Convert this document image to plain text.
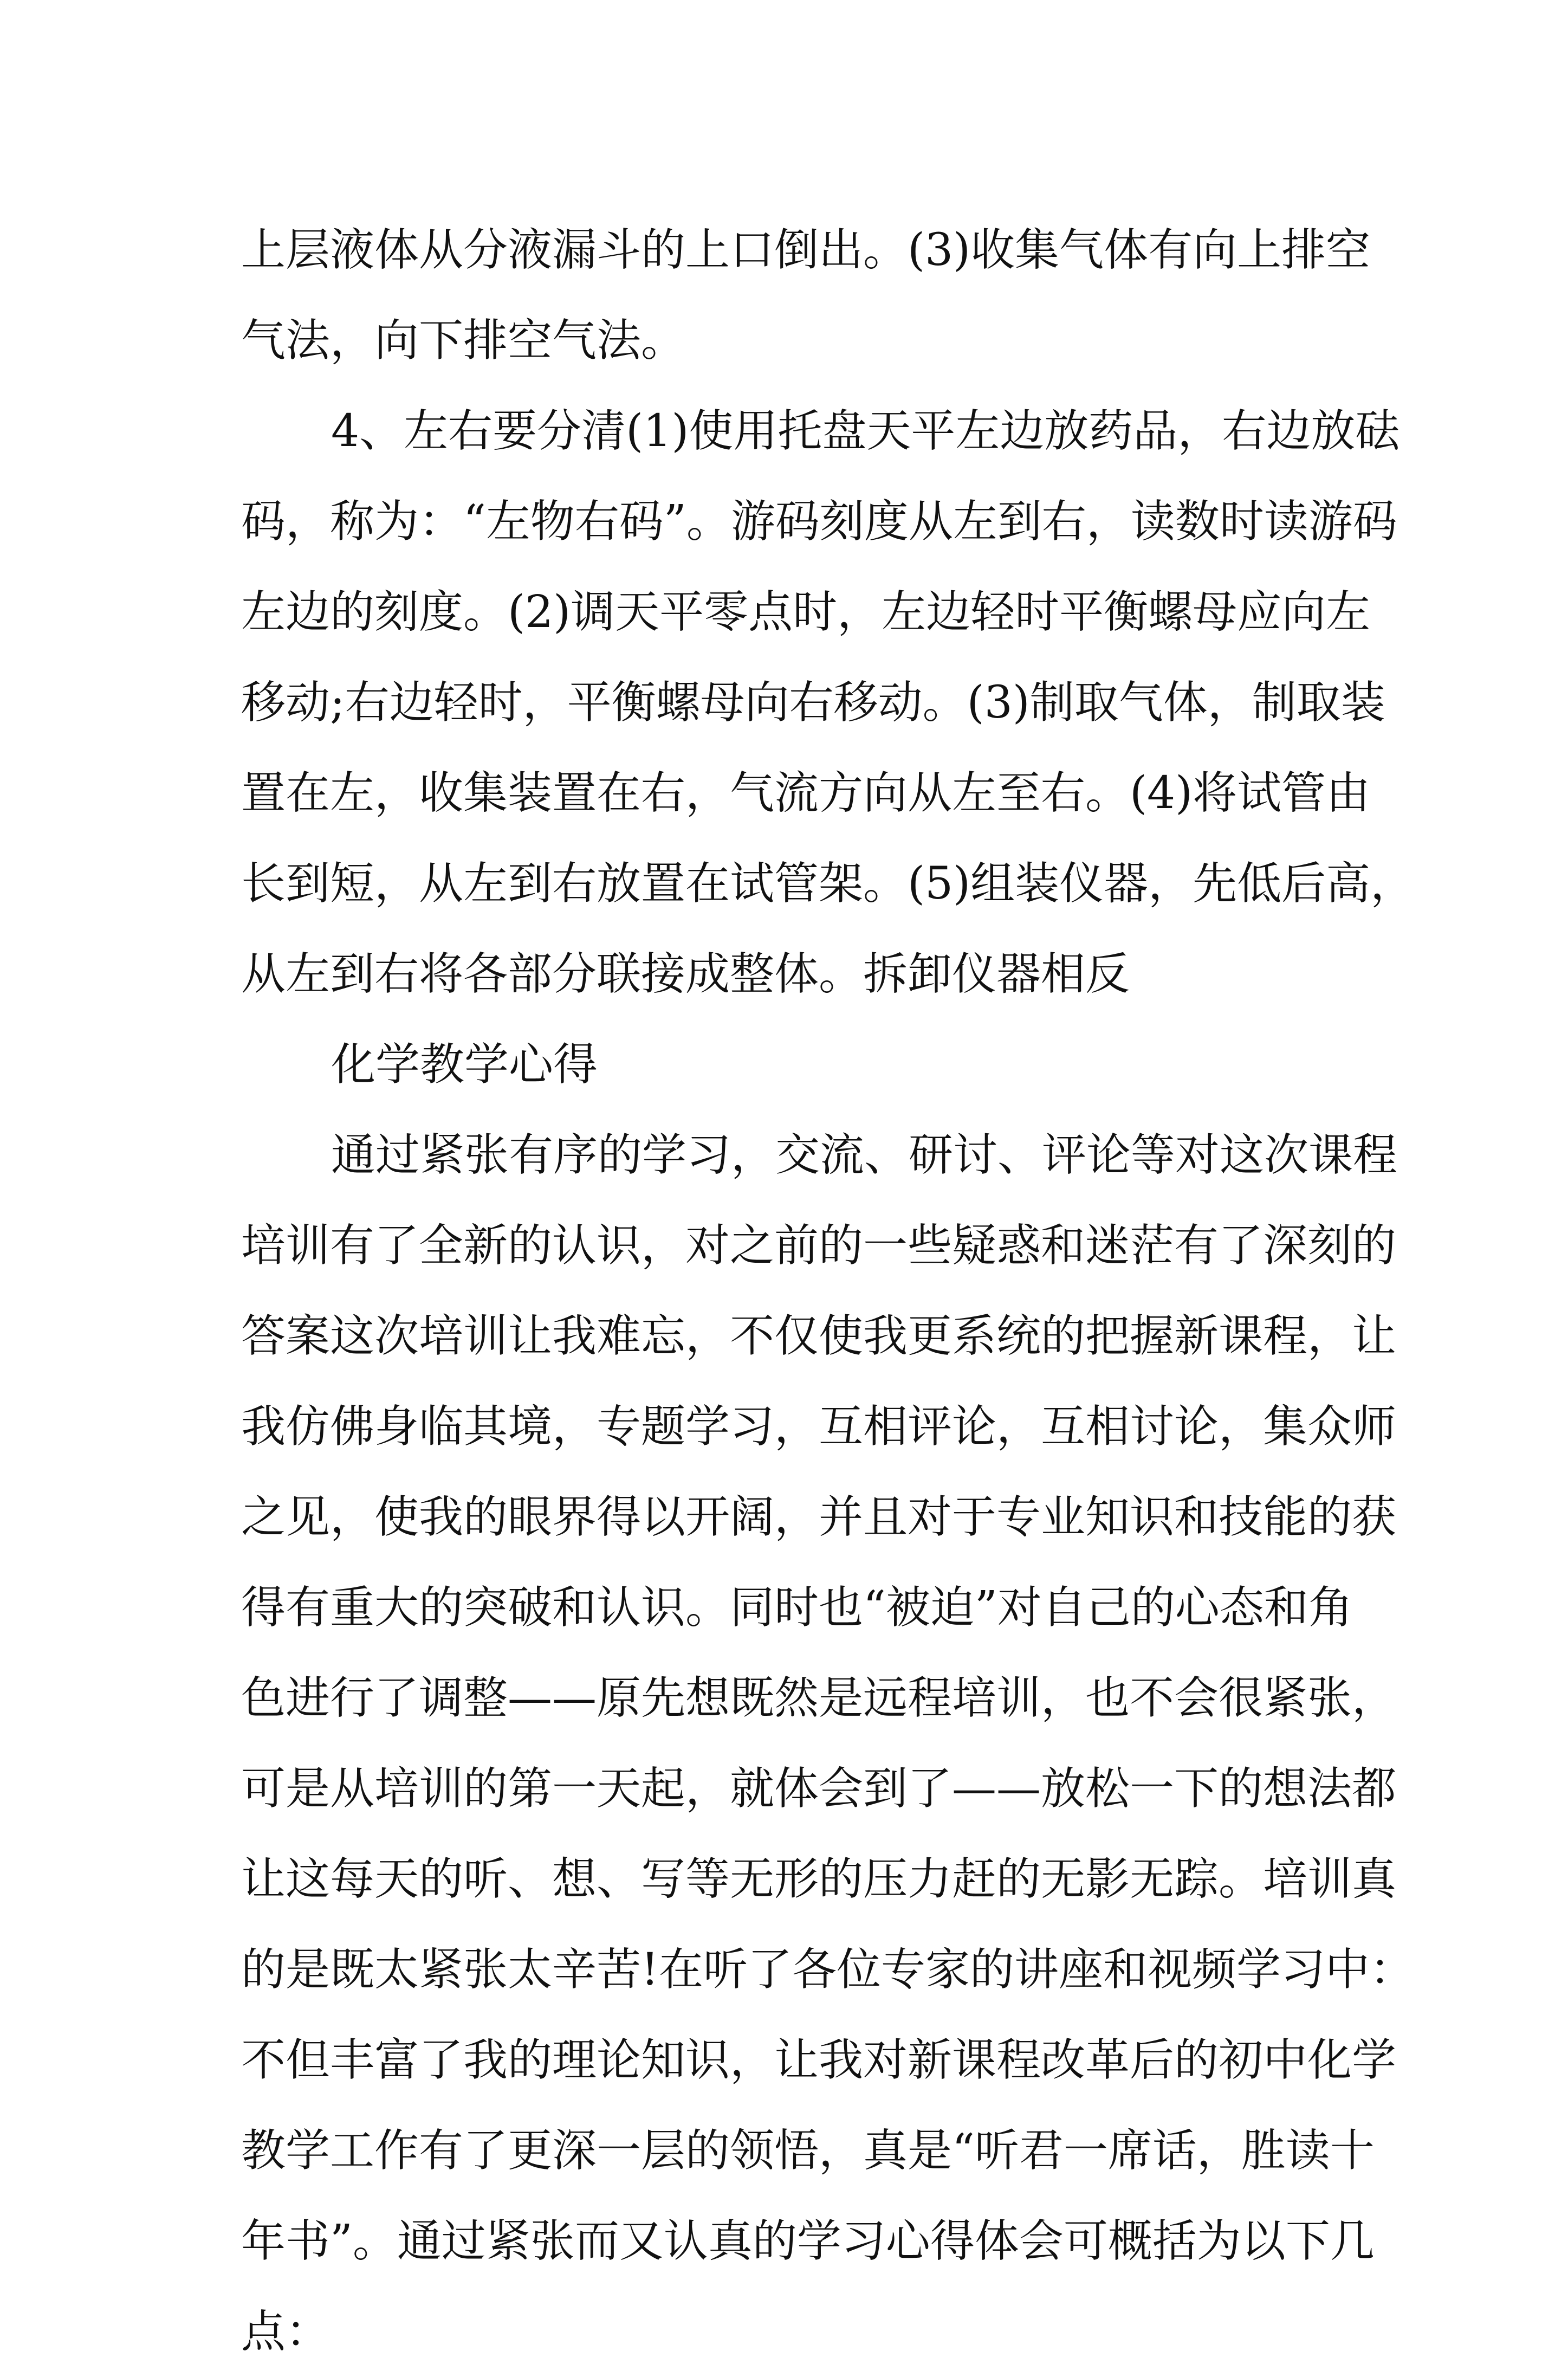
上层液体从分液漏斗的上口倒出。(3)收集气体有向上排空
气法，向下排空气法。
4、左右要分清(1)使用托盘天平左边放药品，右边放砝
码，称为：“左物右码”。游码刻度从左到右，读数时读游码
左边的刻度。(2)调天平零点时，左边轻时平衡螺母应向左
移动;右边轻时，平衡螺母向右移动。(3)制取气体，制取装
置在左，收集装置在右，气流方向从左至右。(4)将试管由
长到短，从左到右放置在试管架。(5)组装仪器，先低后高，
从左到右将各部分联接成整体。拆卸仪器相反
化学教学心得
通过紧张有序的学习，交流、研讨、评论等对这次课程
培训有了全新的认识，对之前的一些疑惑和迷茫有了深刻的
答案这次培训让我难忘，不仅使我更系统的把握新课程，让
我仿佛身临其境，专题学习，互相评论，互相讨论，集众师
之见，使我的眼界得以开阔，并且对于专业知识和技能的获
得有重大的突破和认识。同时也“被迫”对自己的心态和角
色进行了调整——原先想既然是远程培训，也不会很紧张，
可是从培训的第一天起，就体会到了——放松一下的想法都
让这每天的听、想、写等无形的压力赶的无影无踪。培训真
的是既太紧张太辛苦!在听了各位专家的讲座和视频学习中：
不但丰富了我的理论知识，让我对新课程改革后的初中化学
教学工作有了更深一层的领悟，真是“听君一席话，胜读十
年书”。通过紧张而又认真的学习心得体会可概括为以下几
点：
